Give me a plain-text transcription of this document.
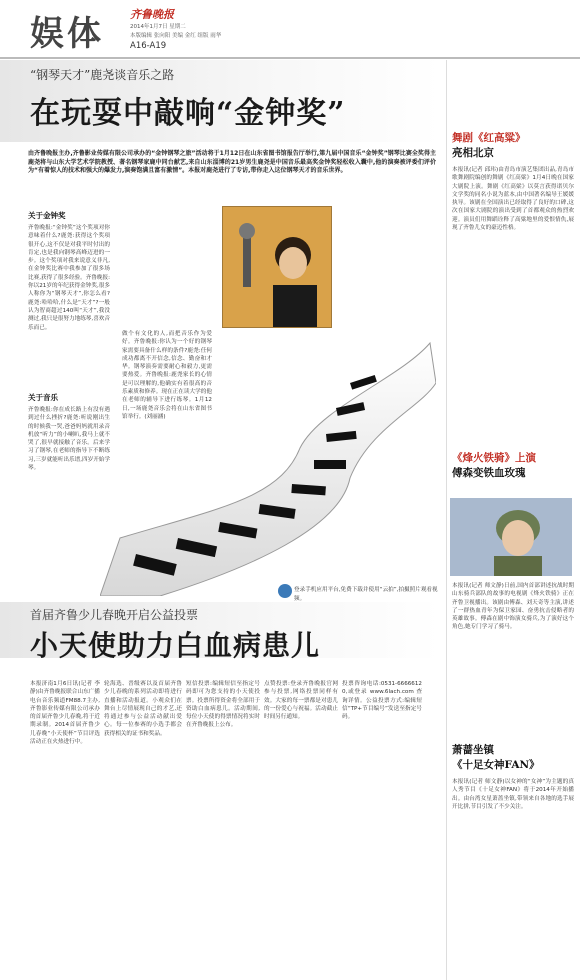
娱体 齐鲁晚报
2014年1月7日 星期二
本版编辑 张向阳 美编 金红 组版 雨华
A16-A19
“钢琴天才”鹿尧谈音乐之路
在玩耍中敲响“金钟奖”
由齐鲁晚报主办,齐鲁影业传媒有限公司承办的“金钟钢琴之旅”活动将于1月12日在山东省图书馆报告厅举行,第九届中国音乐“金钟奖”钢琴比赛全奖得主鹿尧将与山东大学艺术学院教授、著名钢琴家鹿中同台献艺,来自山东淄博的21岁男生鹿尧是中国音乐最高奖金钟奖轻松收入囊中,他的演奏被评委们评价为“有着惊人的技术和强大的爆发力,演奏饱满且富有激情”。本报对鹿尧进行了专访,带你走入这位钢琴天才的音乐世界。
关于金钟奖
齐鲁晚报:“金钟奖”这个奖项对你意味着什么?鹿尧:获得这个奖项很开心,这不仅是对我平时付出的肯定,也是我向钢琴高峰迈进的一步。这个奖项对我来说意义非凡,在金钟奖比赛中我参加了很多场比赛,获得了很多经验。齐鲁晚报:你以21岁的年纪获得金钟奖,很多人称你为“钢琴天才”,你怎么看?鹿尧:哈哈哈,什么是“天才”?一般认为智商超过140叫“天才”,我没测过,我只是很努力地练琴,喜欢音乐而已。
关于音乐
齐鲁晚报:你在成长路上有没有遇到过什么挫折?鹿尧:听说刚出生的时候我一哭,爸爸妈妈就用录音机放“听力”的小喇叭,我马上就不哭了,很早就接触了音乐。后来学习了钢琴,在老师的指导下不断练习,三岁就能听出乐谱,四岁开始学琴。
做个有文化的人,而把音乐作为爱好。齐鲁晚报:你认为一个好的钢琴家需要具备什么样的条件?鹿尧:任何成功都离不开信念,信念、勤奋和才华。钢琴演奏需要耐心和毅力,更需要热爱。齐鲁晚报:鹿尧家长的心情是可以理解的,他确实有着很高的音乐素质和修养。现在正在读大学的他在老师的辅导下进行练琴。1月12日,一场鹿尧音乐会将在山东省图书馆举行。(刘丽涵)
登录手机应用平台,免费下载并使用“云拍”,拍摄照片观看视频。
舞剧《红高粱》
亮相北京
本报讯(记者 邱玮)由青岛市演艺集团出品,青岛市歌舞剧院编创的舞剧《红高粱》1月4日晚在国家大剧院上演。舞剧《红高粱》以莫言获得诺贝尔文学奖的同名小说为蓝本,由中国著名编导王媛媛执导。该剧在全国演出已经取得了良好的口碑,这次在国家大剧院的演出受到了首都观众的热烈欢迎。演员们用舞蹈诠释了高粱地里的爱恨情仇,展现了齐鲁儿女的豪迈性格。
《烽火铁骑》上演
傅森变铁血玫瑰
本报讯(记者 师文静)日前,国内首部讲述抗战时期山东骑兵部队的故事的电视剧《烽火铁骑》正在齐鲁卫视播出。该剧由傅森、刘天奇等主演,讲述了一群热血青年为保卫家园、奋勇抗击侵略者的英雄故事。傅森在剧中饰演女骑兵,为了演好这个角色,她专门学习了骑马。
萧蔷坐镇
《十足女神FAN》
本报讯(记者 师文静)以女神的“女神”为主题的真人秀节目《十足女神FAN》将于2014年开始播出。由台湾女星萧蔷坐镇,带领来自各地的选手展开比拼,节目引发了不少关注。
首届齐鲁少儿春晚开启公益投票
小天使助力白血病患儿
本报济南1月6日讯(记者 李静)由齐鲁晚报联合山东广播电台音乐频道FM88.7主办,齐鲁影业传媒有限公司承办的首届齐鲁少儿春晚,将于近期录制。2014首届齐鲁少儿春晚“小天使杯”节目评选活动正在火热进行中。
轮海选、晋级赛以及首届齐鲁少儿春晚的系列活动即将进行直播和活动报道。小观众们在舞台上尽情展现自己的才艺,还将通过参与公益活动献出爱心。每一位参赛的小选手都会获得相关的证书和奖品。
短信投票:编辑短信至指定号码即可为您支持的小天使投票。投票所得资金将全部用于资助白血病患儿。活动期间,每位小天使的得票情况将实时在齐鲁晚报上公布。
点赞投票:登录齐鲁晚报官网参与投票,网络投票同样有效。大家的每一票都是对患儿的一份爱心与祝福。活动截止时间另行通知。
投票咨询电话:0531-66666120,或登录 www.6lach.com 查询详情。公益投票方式:编辑短信“TP+节目编号”发送至指定号码。
